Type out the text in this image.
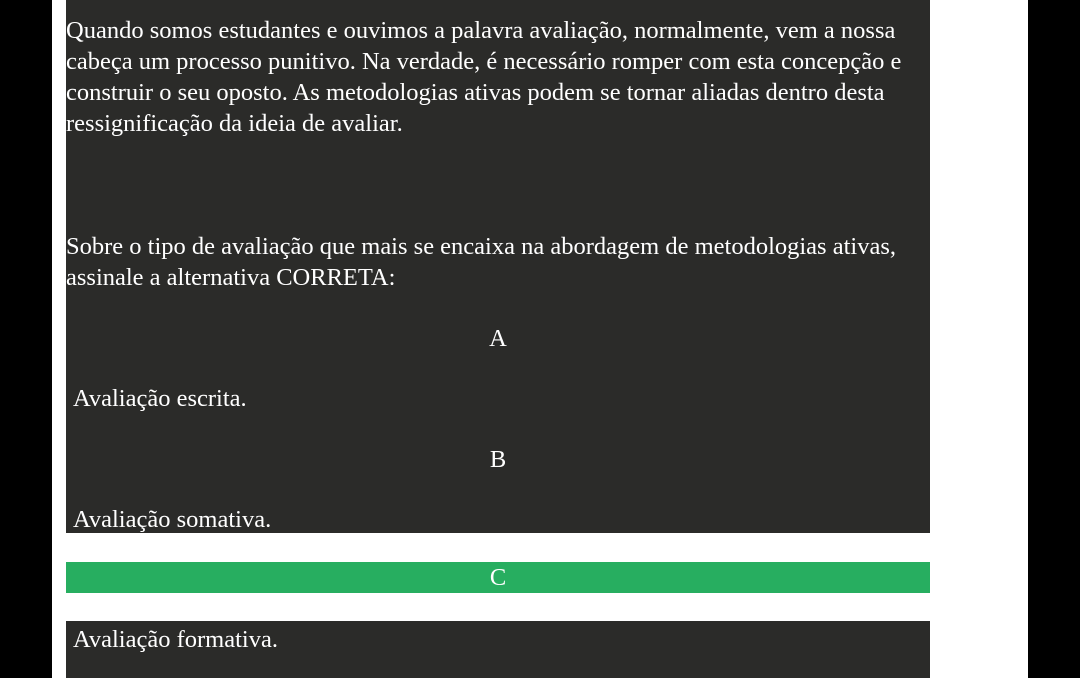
Quando somos estudantes e ouvimos a palavra avaliação, normalmente, vem a nossa cabeça um processo punitivo. Na verdade, é necessário romper com esta concepção e construir o seu oposto. As metodologias ativas podem se tornar aliadas dentro desta ressignificação da ideia de avaliar.

Sobre o tipo de avaliação que mais se encaixa na abordagem de metodologias ativas, assinale a alternativa CORRETA:

A
Avaliação escrita.
B
Avaliação somativa.
C
Avaliação formativa.
